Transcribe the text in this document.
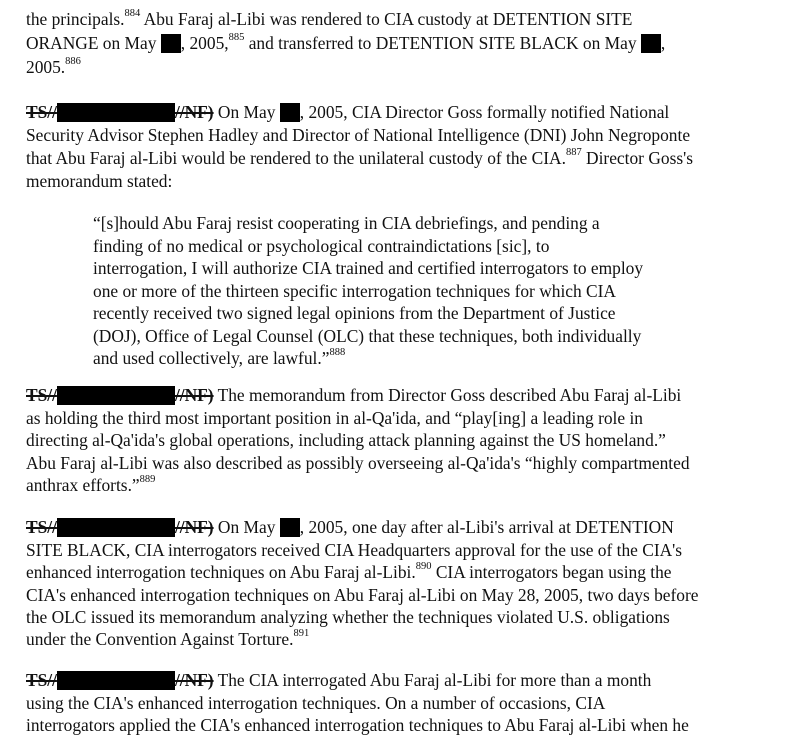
the principals.$^{884}$ Abu Faraj al-Libi was rendered to CIA custody at DETENTION SITE
ORANGE on May , 2005,$^{885}$ and transferred to DETENTION SITE BLACK on May ,
2005.$^{886}$
TS//	//NF) On May , 2005, CIA Director Goss formally notified National
Security Advisor Stephen Hadley and Director of National Intelligence (DNI) John Negroponte
that Abu Faraj al-Libi would be rendered to the unilateral custody of the CIA.$^{887}$ Director Goss's
memorandum stated:
“[s]hould Abu Faraj resist cooperating in CIA debriefings, and pending a
finding of no medical or psychological contraindictations [sic], to
interrogation, I will authorize CIA trained and certified interrogators to employ
one or more of the thirteen specific interrogation techniques for which CIA
recently received two signed legal opinions from the Department of Justice
(DOJ), Office of Legal Counsel (OLC) that these techniques, both individually
and used collectively, are lawful.”$^{888}$
TS//	//NF) The memorandum from Director Goss described Abu Faraj al-Libi
as holding the third most important position in al-Qa'ida, and “play[ing] a leading role in
directing al-Qa'ida's global operations, including attack planning against the US homeland.”
Abu Faraj al-Libi was also described as possibly overseeing al-Qa'ida's “highly compartmented
anthrax efforts.”$^{889}$
TS//	//NF) On May , 2005, one day after al-Libi's arrival at DETENTION
SITE BLACK, CIA interrogators received CIA Headquarters approval for the use of the CIA's
enhanced interrogation techniques on Abu Faraj al-Libi.$^{890}$ CIA interrogators began using the
CIA's enhanced interrogation techniques on Abu Faraj al-Libi on May 28, 2005, two days before
the OLC issued its memorandum analyzing whether the techniques violated U.S. obligations
under the Convention Against Torture.$^{891}$
TS//	//NF) The CIA interrogated Abu Faraj al-Libi for more than a month
using the CIA's enhanced interrogation techniques. On a number of occasions, CIA
interrogators applied the CIA's enhanced interrogation techniques to Abu Faraj al-Libi when he
